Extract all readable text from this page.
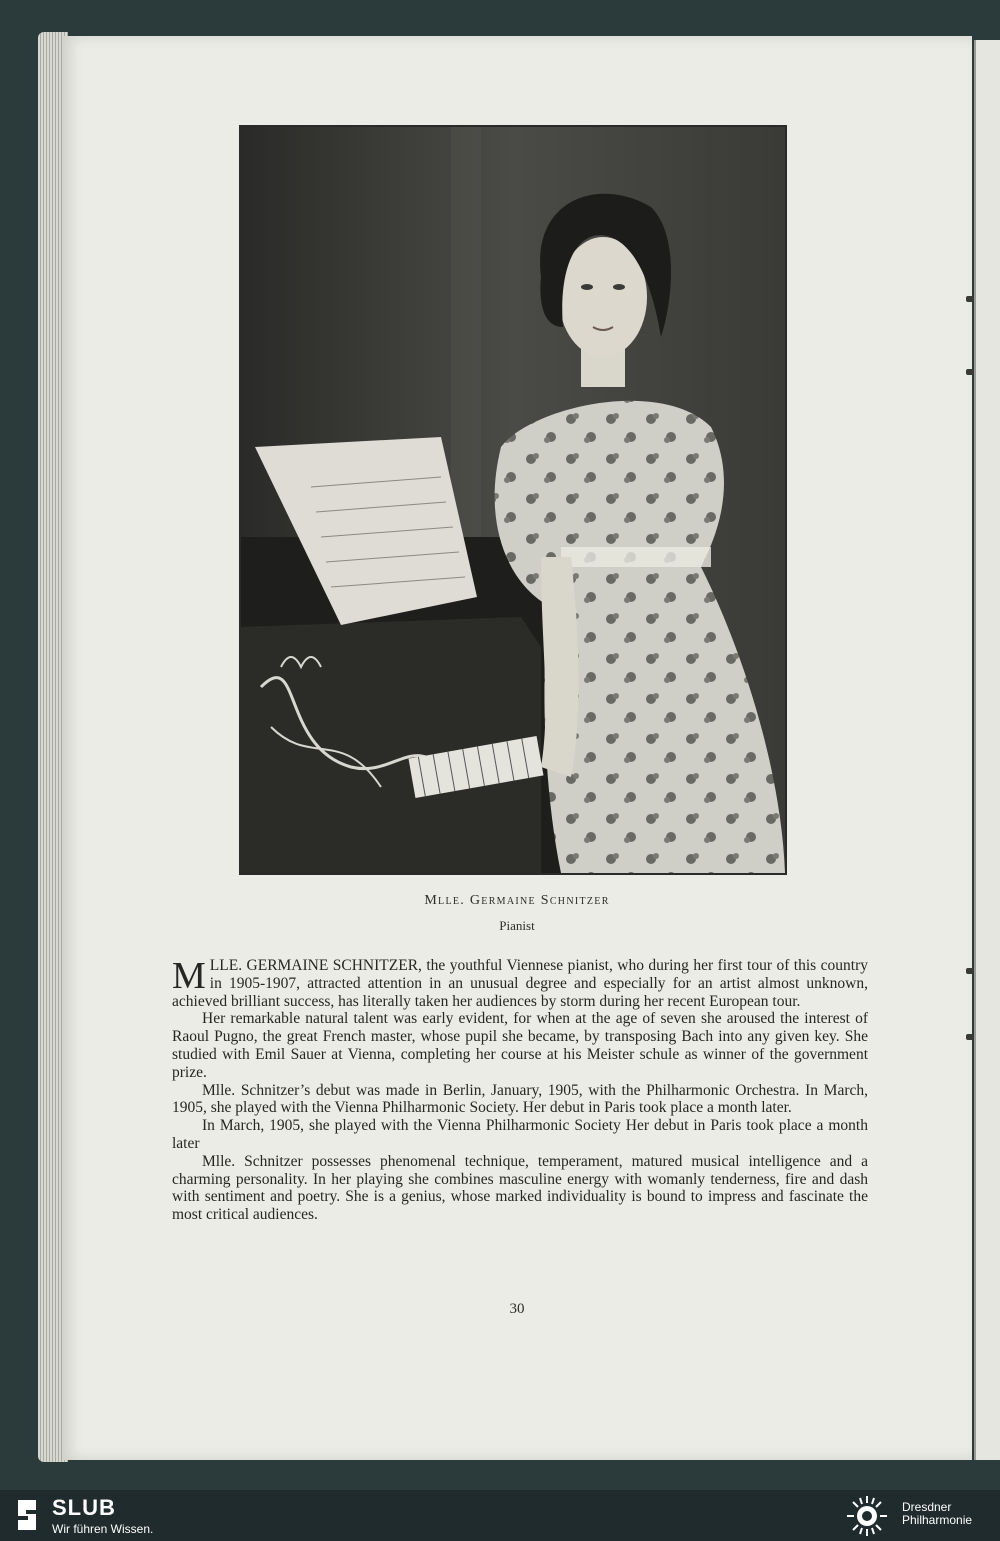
Mlle. Germaine Schnitzer
Pianist

MLLE. GERMAINE SCHNITZER, the youthful Viennese pianist, who during her first tour of this country in 1905-1907, attracted attention in an unusual degree and especially for an artist almost unknown, achieved brilliant success, has literally taken her audiences by storm during her recent European tour.

Her remarkable natural talent was early evident, for when at the age of seven she aroused the interest of Raoul Pugno, the great French master, whose pupil she became, by transposing Bach into any given key. She studied with Emil Sauer at Vienna, completing her course at his Meister schule as winner of the government prize.

Mlle. Schnitzer’s debut was made in Berlin, January, 1905, with the Philharmonic Orchestra. In March, 1905, she played with the Vienna Philharmonic Society. Her debut in Paris took place a month later.

In March, 1905, she played with the Vienna Philharmonic Society Her debut in Paris took place a month later

Mlle. Schnitzer possesses phenomenal technique, temperament, matured musical intelligence and a charming personality. In her playing she combines masculine energy with womanly tenderness, fire and dash with sentiment and poetry. She is a genius, whose marked individuality is bound to impress and fascinate the most critical audiences.

30
SLUB
Wir führen Wissen.
Dresdner
Philharmonie
